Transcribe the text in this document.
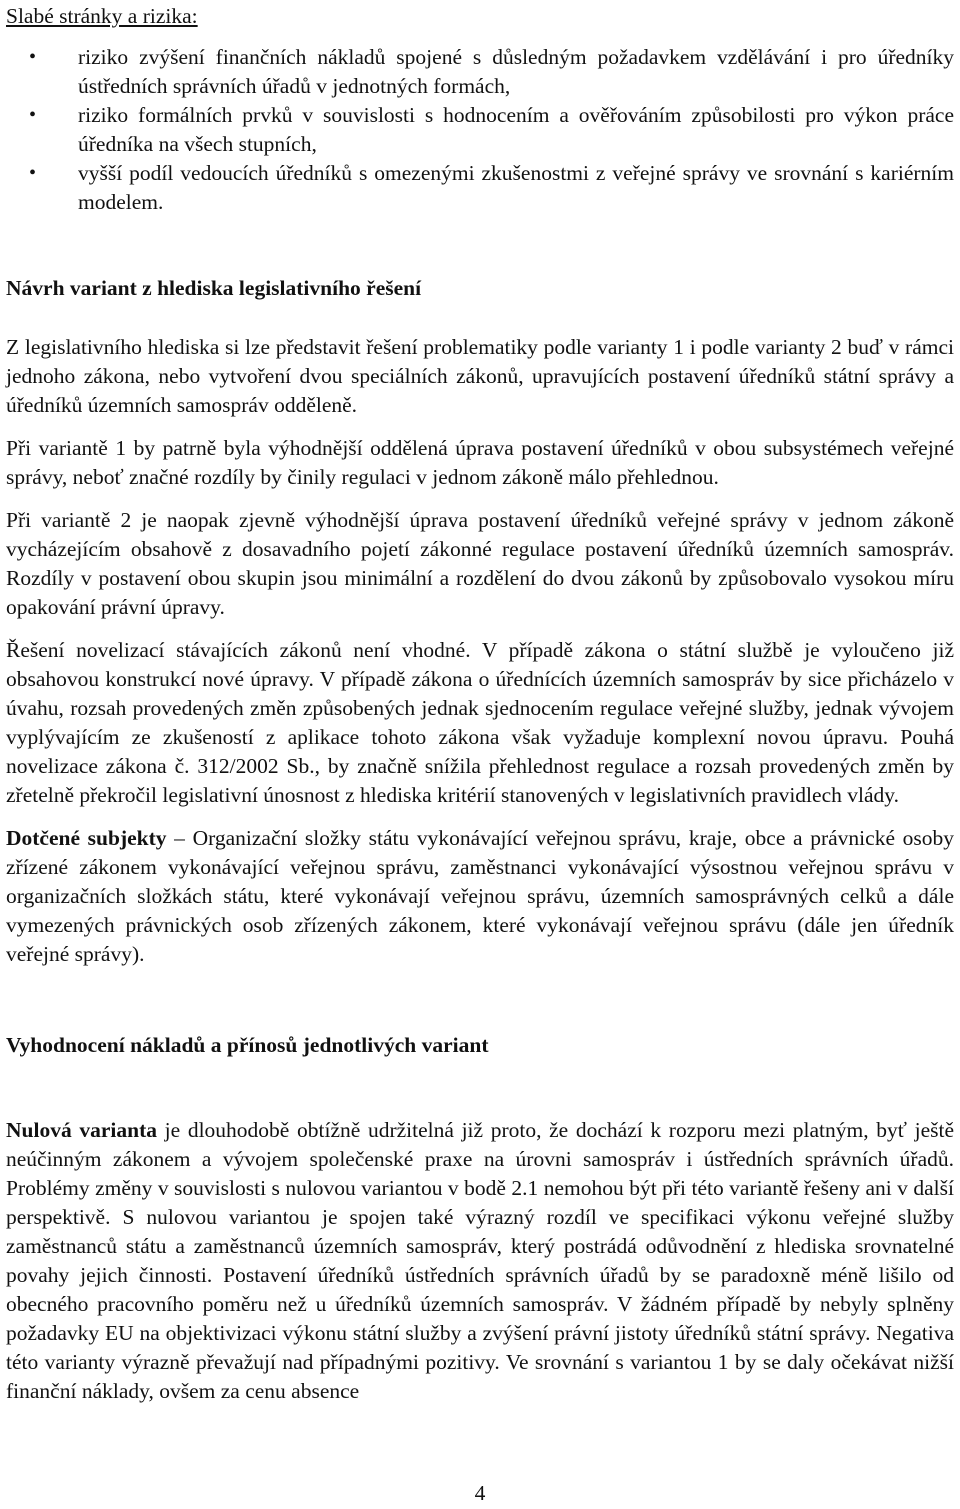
Slabé stránky a rizika:

• riziko zvýšení finančních nákladů spojené s důsledným požadavkem vzdělávání i pro úředníky ústředních správních úřadů v jednotných formách,
• riziko formálních prvků v souvislosti s hodnocením a ověřováním způsobilosti pro výkon práce úředníka na všech stupních,
• vyšší podíl vedoucích úředníků s omezenými zkušenostmi z veřejné správy ve srovnání s kariérním modelem.
Návrh variant z hlediska legislativního řešení

Z legislativního hlediska si lze představit řešení problematiky podle varianty 1 i podle varianty 2 buď v rámci jednoho zákona, nebo vytvoření dvou speciálních zákonů, upravujících postavení úředníků státní správy a úředníků územních samospráv odděleně.

Při variantě 1 by patrně byla výhodnější oddělená úprava postavení úředníků v obou subsystémech veřejné správy, neboť značné rozdíly by činily regulaci v jednom zákoně málo přehlednou.

Při variantě 2 je naopak zjevně výhodnější úprava postavení úředníků veřejné správy v jednom zákoně vycházejícím obsahově z dosavadního pojetí zákonné regulace postavení úředníků územních samospráv. Rozdíly v postavení obou skupin jsou minimální a rozdělení do dvou zákonů by způsobovalo vysokou míru opakování právní úpravy.

Řešení novelizací stávajících zákonů není vhodné. V případě zákona o státní službě je vyloučeno již obsahovou konstrukcí nové úpravy. V případě zákona o úřednících územních samospráv by sice přicházelo v úvahu, rozsah provedených změn způsobených jednak sjednocením regulace veřejné služby, jednak vývojem vyplývajícím ze zkušeností z aplikace tohoto zákona však vyžaduje komplexní novou úpravu. Pouhá novelizace zákona č. 312/2002 Sb., by značně snížila přehlednost regulace a rozsah provedených změn by zřetelně překročil legislativní únosnost z hlediska kritérií stanovených v legislativních pravidlech vlády.

Dotčené subjekty – Organizační složky státu vykonávající veřejnou správu, kraje, obce a právnické osoby zřízené zákonem vykonávající veřejnou správu, zaměstnanci vykonávající výsostnou veřejnou správu v organizačních složkách státu, které vykonávají veřejnou správu, územních samosprávných celků a dále vymezených právnických osob zřízených zákonem, které vykonávají veřejnou správu (dále jen úředník veřejné správy).

Vyhodnocení nákladů a přínosů jednotlivých variant

Nulová varianta je dlouhodobě obtížně udržitelná již proto, že dochází k rozporu mezi platným, byť ještě neúčinným zákonem a vývojem společenské praxe na úrovni samospráv i ústředních správních úřadů. Problémy změny v souvislosti s nulovou variantou v bodě 2.1 nemohou být při této variantě řešeny ani v další perspektivě. S nulovou variantou je spojen také výrazný rozdíl ve specifikaci výkonu veřejné služby zaměstnanců státu a zaměstnanců územních samospráv, který postrádá odůvodnění z hlediska srovnatelné povahy jejich činnosti. Postavení úředníků ústředních správních úřadů by se paradoxně méně lišilo od obecného pracovního poměru než u úředníků územních samospráv. V žádném případě by nebyly splněny požadavky EU na objektivizaci výkonu státní služby a zvýšení právní jistoty úředníků státní správy. Negativa této varianty výrazně převažují nad případnými pozitivy. Ve srovnání s variantou 1 by se daly očekávat nižší finanční náklady, ovšem za cenu absence

4
